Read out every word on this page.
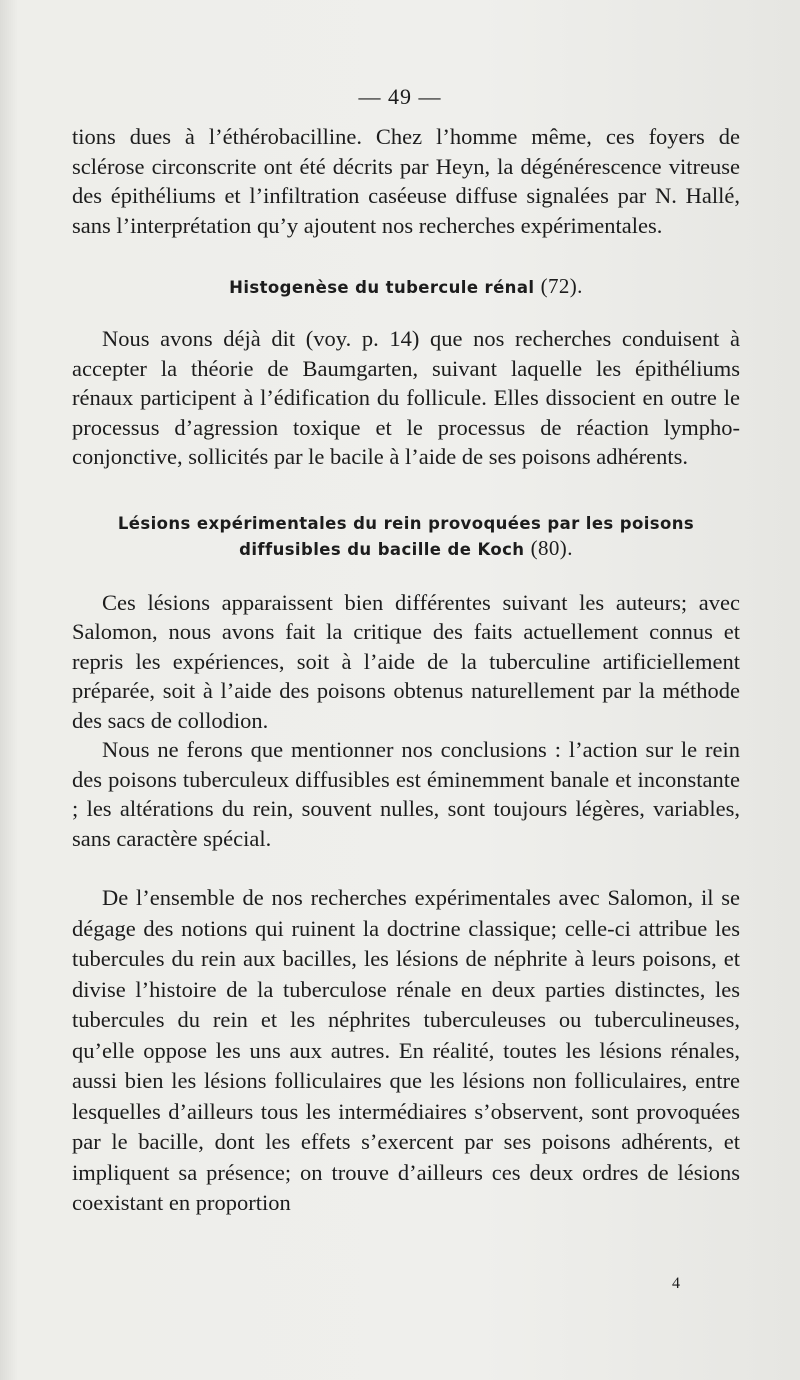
— 49 —

tions dues à l’éthérobacilline. Chez l’homme même, ces foyers de sclérose circonscrite ont été décrits par Heyn, la dégénérescence vitreuse des épithéliums et l’infiltration caséeuse diffuse signalées par N. Hallé, sans l’interprétation qu’y ajoutent nos recherches expérimentales.

Histogenèse du tubercule rénal (72).

Nous avons déjà dit (voy. p. 14) que nos recherches conduisent à accepter la théorie de Baumgarten, suivant laquelle les épithéliums rénaux participent à l’édification du follicule. Elles dissocient en outre le processus d’agression toxique et le processus de réaction lympho-conjonctive, sollicités par le bacile à l’aide de ses poisons adhérents.

Lésions expérimentales du rein provoquées par les poisons
diffusibles du bacille de Koch (80).

Ces lésions apparaissent bien différentes suivant les auteurs; avec Salomon, nous avons fait la critique des faits actuellement connus et repris les expériences, soit à l’aide de la tuberculine artificiellement préparée, soit à l’aide des poisons obtenus naturellement par la méthode des sacs de collodion.

Nous ne ferons que mentionner nos conclusions : l’action sur le rein des poisons tuberculeux diffusibles est éminemment banale et inconstante ; les altérations du rein, souvent nulles, sont toujours légères, variables, sans caractère spécial.

De l’ensemble de nos recherches expérimentales avec Salomon, il se dégage des notions qui ruinent la doctrine classique; celle-ci attribue les tubercules du rein aux bacilles, les lésions de néphrite à leurs poisons, et divise l’histoire de la tuberculose rénale en deux parties distinctes, les tubercules du rein et les néphrites tuberculeuses ou tuberculineuses, qu’elle oppose les uns aux autres. En réalité, toutes les lésions rénales, aussi bien les lésions folliculaires que les lésions non folliculaires, entre lesquelles d’ailleurs tous les intermédiaires s’observent, sont provoquées par le bacille, dont les effets s’exercent par ses poisons adhérents, et impliquent sa présence; on trouve d’ailleurs ces deux ordres de lésions coexistant en proportion

4
